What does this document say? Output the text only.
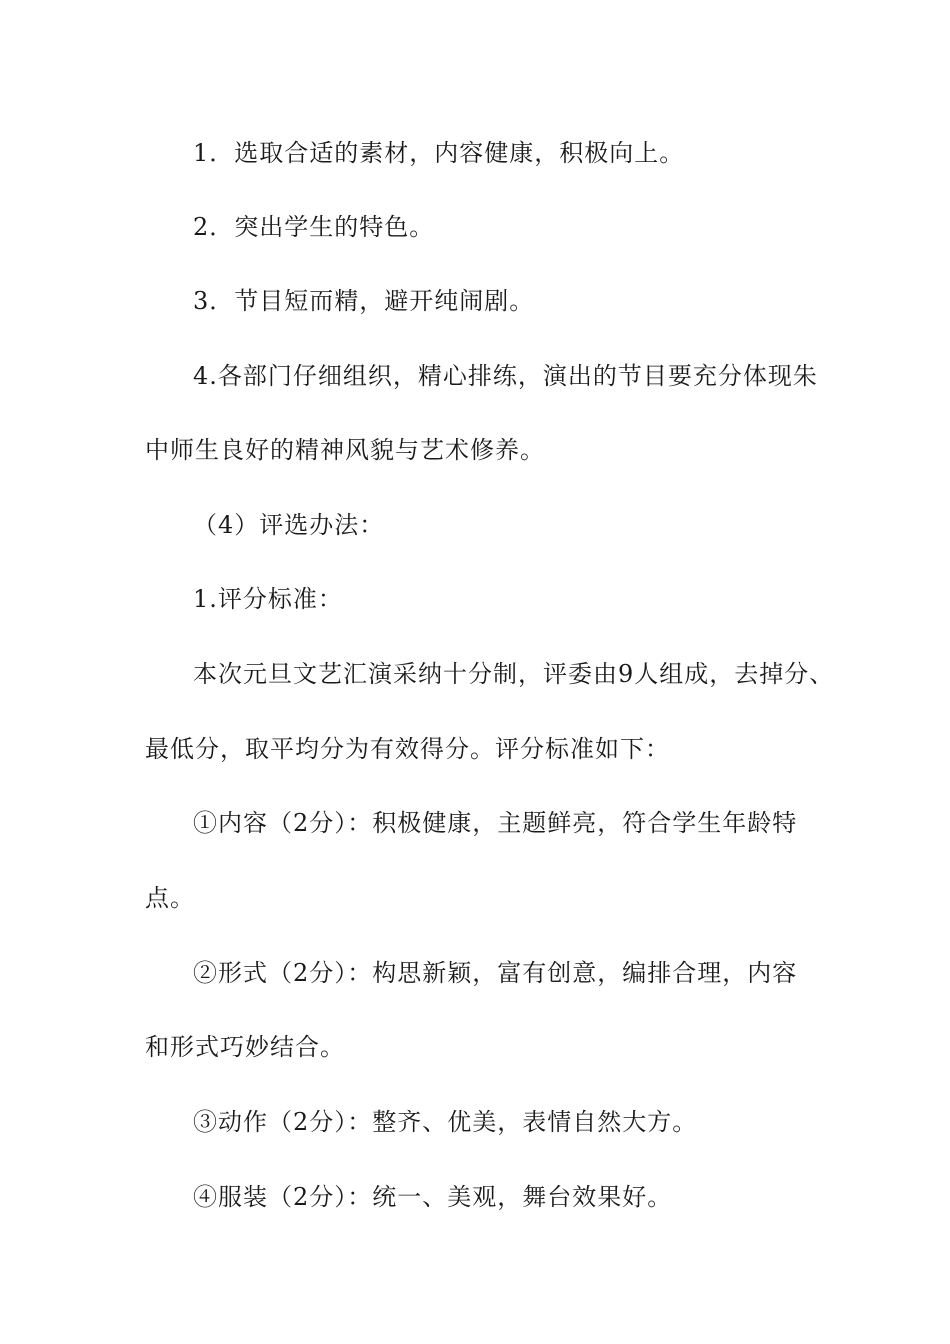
1．选取合适的素材，内容健康，积极向上。
2．突出学生的特色。
3．节目短而精，避开纯闹剧。
4.各部门仔细组织，精心排练，演出的节目要充分体现朱
中师生良好的精神风貌与艺术修养。
（4）评选办法：
1.评分标准：
本次元旦文艺汇演采纳十分制，评委由9人组成，去掉分、
最低分，取平均分为有效得分。评分标准如下：
①内容（2分）：积极健康，主题鲜亮，符合学生年龄特
点。
②形式（2分）：构思新颖，富有创意，编排合理，内容
和形式巧妙结合。
③动作（2分）：整齐、优美，表情自然大方。
④服装（2分）：统一、美观，舞台效果好。
